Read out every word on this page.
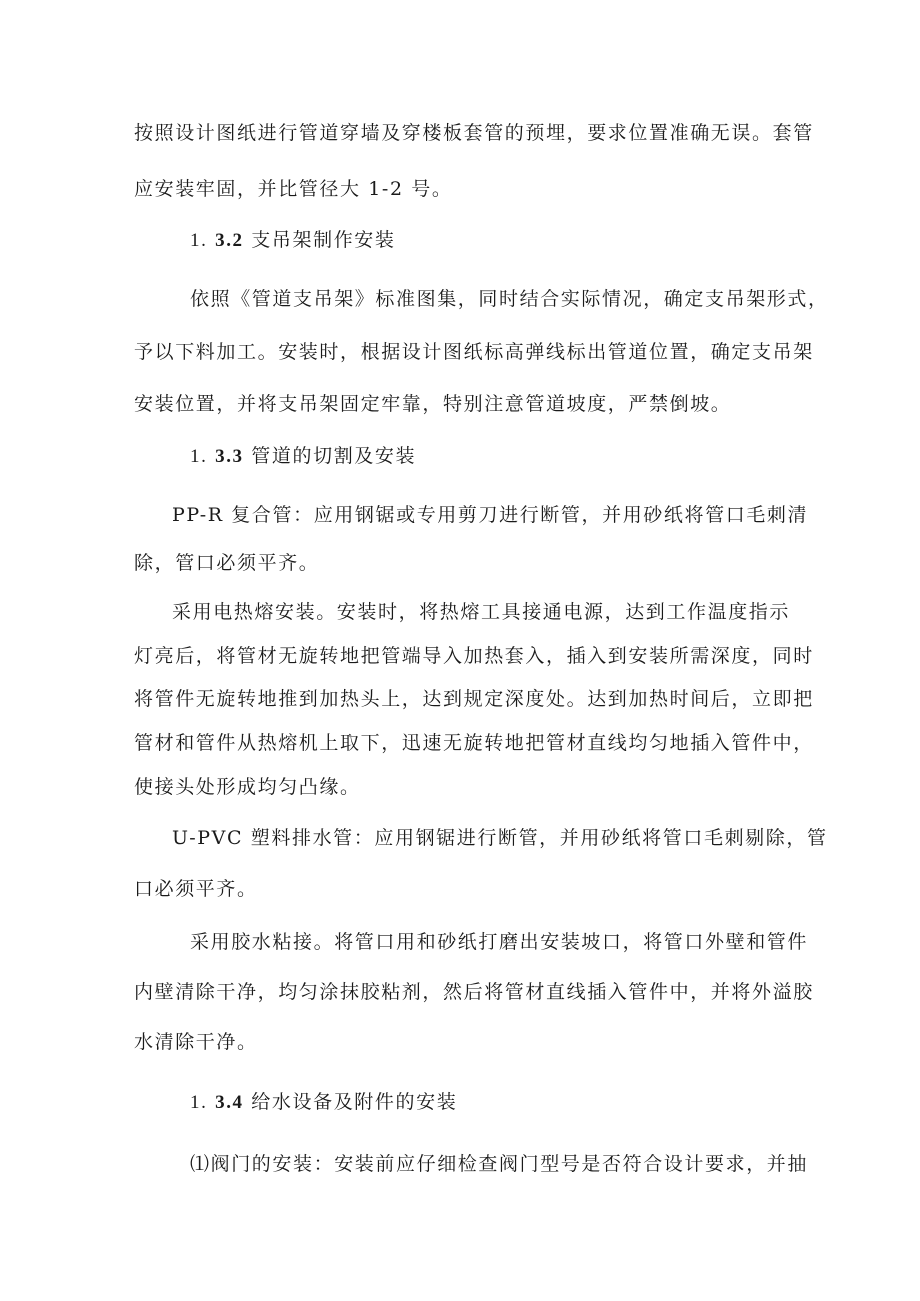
按照设计图纸进行管道穿墙及穿楼板套管的预埋，要求位置准确无误。套管
应安装牢固，并比管径大 1-2 号。
1. 3.2 支吊架制作安装
依照《管道支吊架》标准图集，同时结合实际情况，确定支吊架形式，
予以下料加工。安装时，根据设计图纸标高弹线标出管道位置，确定支吊架
安装位置，并将支吊架固定牢靠，特别注意管道坡度，严禁倒坡。
1. 3.3 管道的切割及安装
PP-R 复合管：应用钢锯或专用剪刀进行断管，并用砂纸将管口毛刺清
除，管口必须平齐。
采用电热熔安装。安装时，将热熔工具接通电源，达到工作温度指示
灯亮后，将管材无旋转地把管端导入加热套入，插入到安装所需深度，同时
将管件无旋转地推到加热头上，达到规定深度处。达到加热时间后，立即把
管材和管件从热熔机上取下，迅速无旋转地把管材直线均匀地插入管件中，
使接头处形成均匀凸缘。
U-PVC 塑料排水管：应用钢锯进行断管，并用砂纸将管口毛刺剔除，管
口必须平齐。
采用胶水粘接。将管口用和砂纸打磨出安装坡口，将管口外壁和管件
内壁清除干净，均匀涂抹胶粘剂，然后将管材直线插入管件中，并将外溢胶
水清除干净。
1. 3.4 给水设备及附件的安装
⑴阀门的安装：安装前应仔细检查阀门型号是否符合设计要求，并抽
